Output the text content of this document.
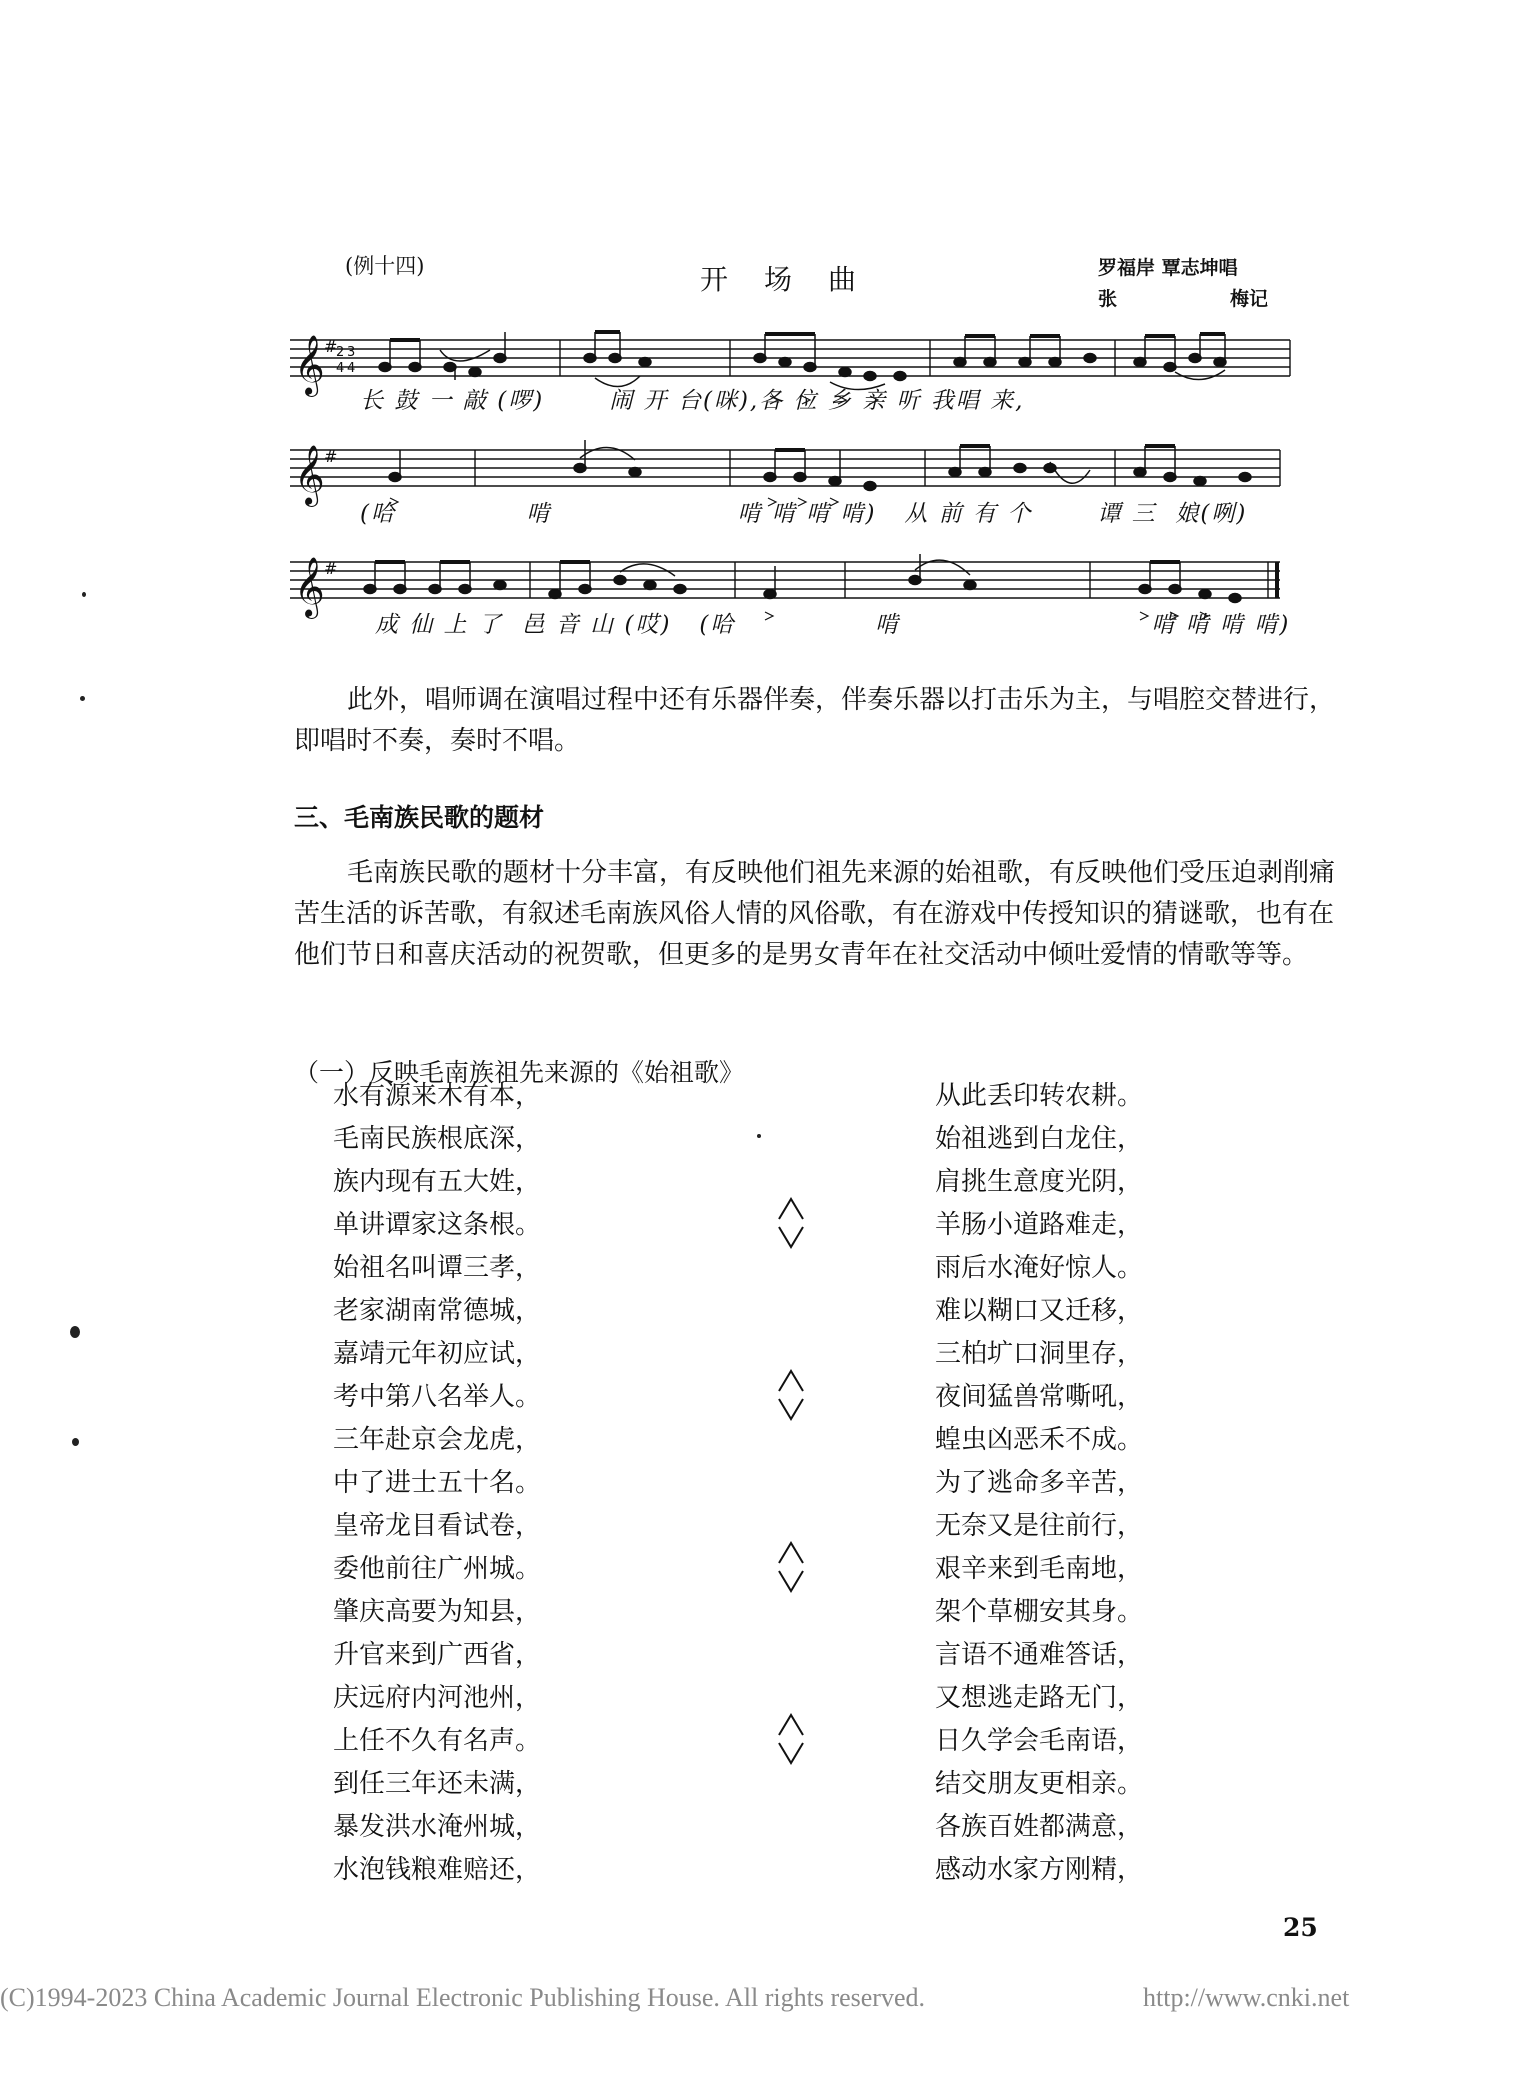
(例十四)	开场曲	罗福岸 覃志坤唱
张	梅记
𝄞
𝄞
𝄞
#
#
#
2
4
3
4
长 鼓 一 敲 (啰)       闹 开 台(咪),各 位 乡 亲 听 我唱 来,
(哈              啃                    啃 啃 啃 啃)   从 前 有 个       谭 三  娘(咧)
成 仙 上 了  邑 音 山 (哎)   (哈               啃                           啃 啃 啃 啃)
此外，唱师调在演唱过程中还有乐器伴奏，伴奏乐器以打击乐为主，与唱腔交替进行，
即唱时不奏，奏时不唱。
三、毛南族民歌的题材
毛南族民歌的题材十分丰富，有反映他们祖先来源的始祖歌，有反映他们受压迫剥削痛
苦生活的诉苦歌，有叙述毛南族风俗人情的风俗歌，有在游戏中传授知识的猜谜歌，也有在
他们节日和喜庆活动的祝贺歌，但更多的是男女青年在社交活动中倾吐爱情的情歌等等。
（一）反映毛南族祖先来源的《始祖歌》
水有源来木有本，
毛南民族根底深，
族内现有五大姓，
单讲谭家这条根。
始祖名叫谭三孝，
老家湖南常德城，
嘉靖元年初应试，
考中第八名举人。
三年赴京会龙虎，
中了进士五十名。
皇帝龙目看试卷，
委他前往广州城。
肇庆高要为知县，
升官来到广西省，
庆远府内河池州，
上任不久有名声。
到任三年还未满，
暴发洪水淹州城，
水泡钱粮难赔还，
从此丢印转农耕。
始祖逃到白龙住，
肩挑生意度光阴，
羊肠小道路难走，
雨后水淹好惊人。
难以糊口又迁移，
三柏圹口洞里存，
夜间猛兽常嘶吼，
蝗虫凶恶禾不成。
为了逃命多辛苦，
无奈又是往前行，
艰辛来到毛南地，
架个草棚安其身。
言语不通难答话，
又想逃走路无门，
日久学会毛南语，
结交朋友更相亲。
各族百姓都满意，
感动水家方刚精，
25
(C)1994-2023 China Academic Journal Electronic Publishing House. All rights reserved.	http://www.cnki.net
